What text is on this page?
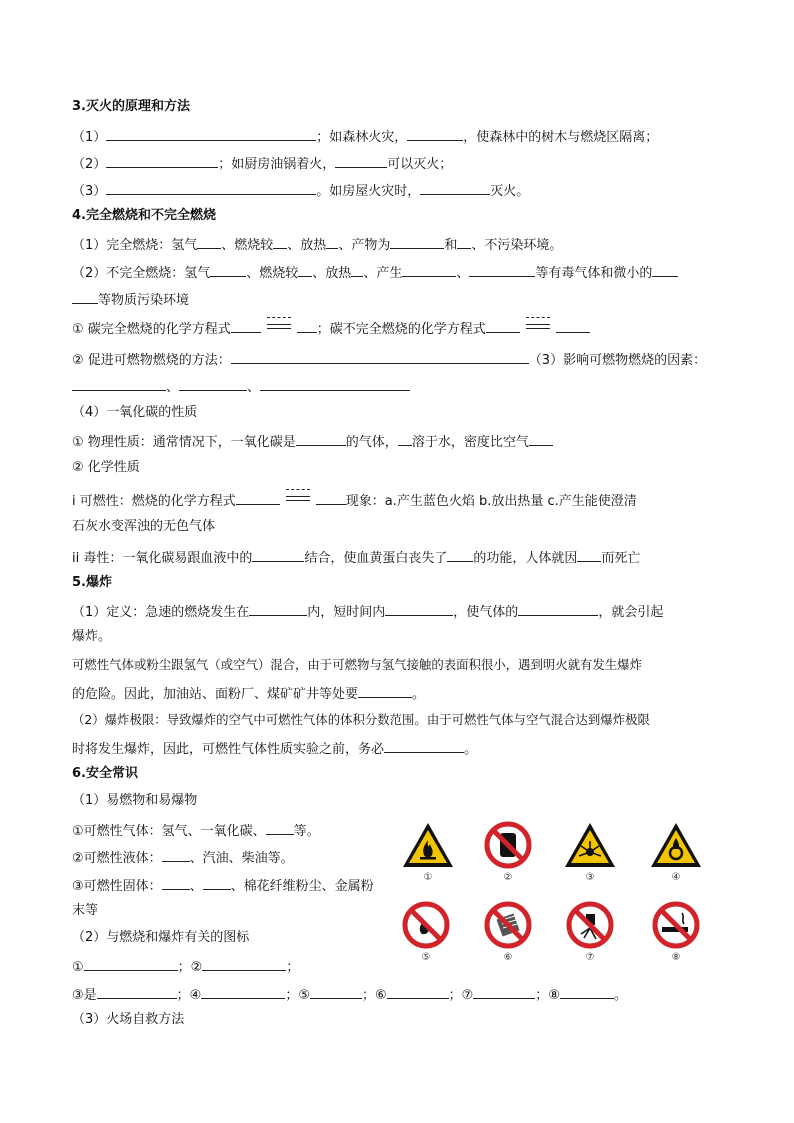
3.灭火的原理和方法
（1）	；如森林火灾，	，使森林中的树木与燃烧区隔离；
（2）	；如厨房油锅着火，	可以灭火；
（3）	。如房屋火灾时，	灭火。
4.完全燃烧和不完全燃烧
（1）完全燃烧：氢气 、燃烧较 、放热 、产物为	和 、不污染环境。
（2）不完全燃烧：氢气	、燃烧较 、放热 、产生	、	等有毒气体和微小的
等物质污染环境
① 碳完全燃烧的化学方程式	；碳不完全燃烧的化学方程式
② 促进可燃物燃烧的方法：	（3）影响可燃物燃烧的因素：
、	、
（4）一氧化碳的性质
① 物理性质：通常情况下，一氧化碳是	的气体， 溶于水，密度比空气
② 化学性质
i 可燃性：燃烧的化学方程式	现象：a.产生蓝色火焰 b.放出热量 c.产生能使澄清
石灰水变浑浊的无色气体
ii 毒性：一氧化碳易跟血液中的	结合，使血黄蛋白丧失了 的功能，人体就因 而死亡
5.爆炸
（1）定义：急速的燃烧发生在	内，短时间内	，使气体的	，就会引起
爆炸。
可燃性气体或粉尘跟氢气（或空气）混合，由于可燃物与氢气接触的表面积很小，遇到明火就有发生爆炸
的危险。因此，加油站、面粉厂、煤矿矿井等处要	。
（2）爆炸极限：导致爆炸的空气中可燃性气体的体积分数范围。由于可燃性气体与空气混合达到爆炸极限
时将发生爆炸，因此，可燃性气体性质实验之前，务必	。
6.安全常识
（1）易燃物和易爆物
①可燃性气体：氢气、一氧化碳、 等。
②可燃性液体： 、汽油、柴油等。
③可燃性固体： 、 、棉花纤维粉尘、金属粉
末等
（2）与燃烧和爆炸有关的图标
①	；②	；
③是	；④	；⑤	；⑥	；⑦	；⑧	。
（3）火场自救方法
①	②	③	④
⑤	⑥	⑦	⑧
